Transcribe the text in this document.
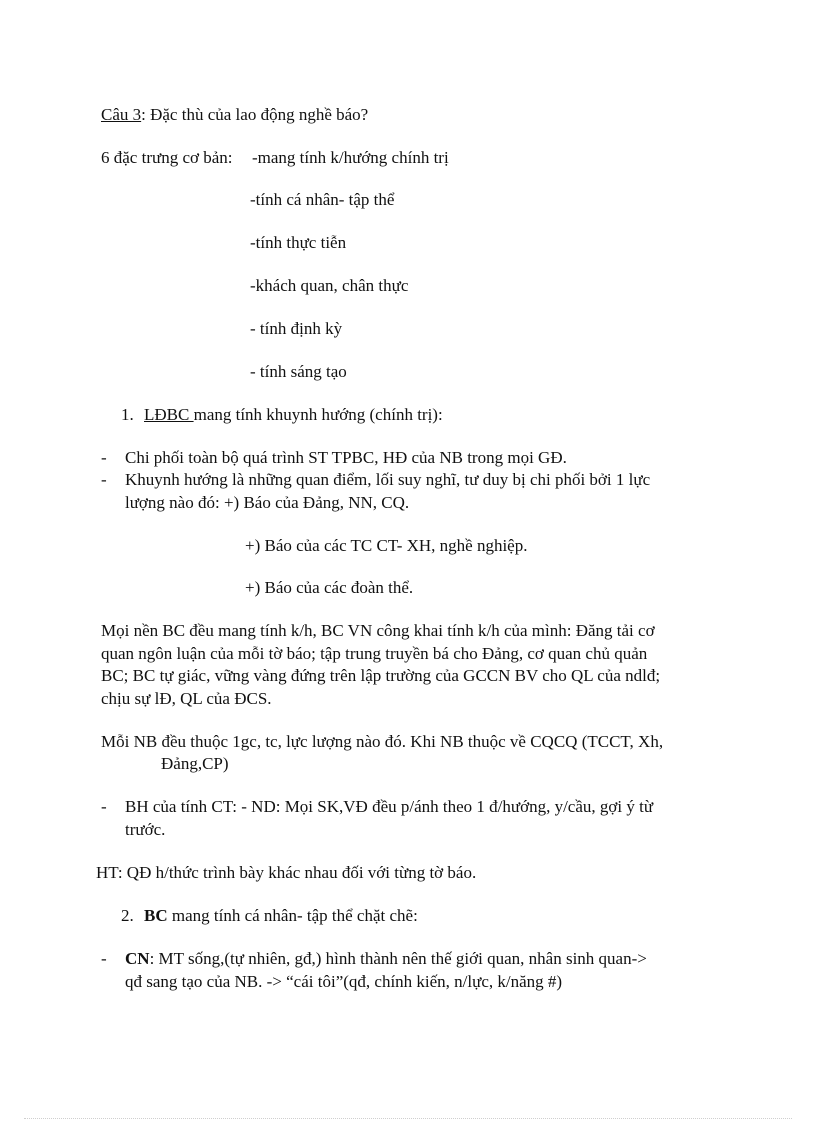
Câu 3: Đặc thù của lao động nghề báo?
6 đặc trưng cơ bản: -mang tính k/hướng chính trị
-tính cá nhân- tập thể
-tính thực tiễn
-khách quan, chân thực
- tính định kỳ
- tính sáng tạo
1. LĐBC mang tính khuynh hướng (chính trị):
- Chi phối toàn bộ quá trình ST TPBC, HĐ của NB trong mọi GĐ.
- Khuynh hướng là những quan điểm, lối suy nghĩ, tư duy bị chi phối bởi 1 lực
lượng nào đó: +) Báo của Đảng, NN, CQ.
+) Báo của các TC CT- XH, nghề nghiệp.
+) Báo của các đoàn thể.
Mọi nền BC đều mang tính k/h, BC VN công khai tính k/h của mình: Đăng tải cơ
quan ngôn luận của mỗi tờ báo; tập trung truyền bá cho Đảng, cơ quan chủ quản
BC; BC tự giác, vững vàng đứng trên lập trường của GCCN BV cho QL của ndlđ;
chịu sự lĐ, QL của ĐCS.
Mỗi NB đều thuộc 1gc, tc, lực lượng nào đó. Khi NB thuộc về CQCQ (TCCT, Xh,
Đảng,CP)
- BH của tính CT: - ND: Mọi SK,VĐ đều p/ánh theo 1 đ/hướng, y/cầu, gợi ý từ
trước.
HT: QĐ h/thức trình bày khác nhau đối với từng tờ báo.
2. BC mang tính cá nhân- tập thể chặt chẽ:
- CN: MT sống,(tự nhiên, gđ,) hình thành nên thế giới quan, nhân sinh quan->
qđ sang tạo của NB. -> “cái tôi”(qđ, chính kiến, n/lực, k/năng #)
